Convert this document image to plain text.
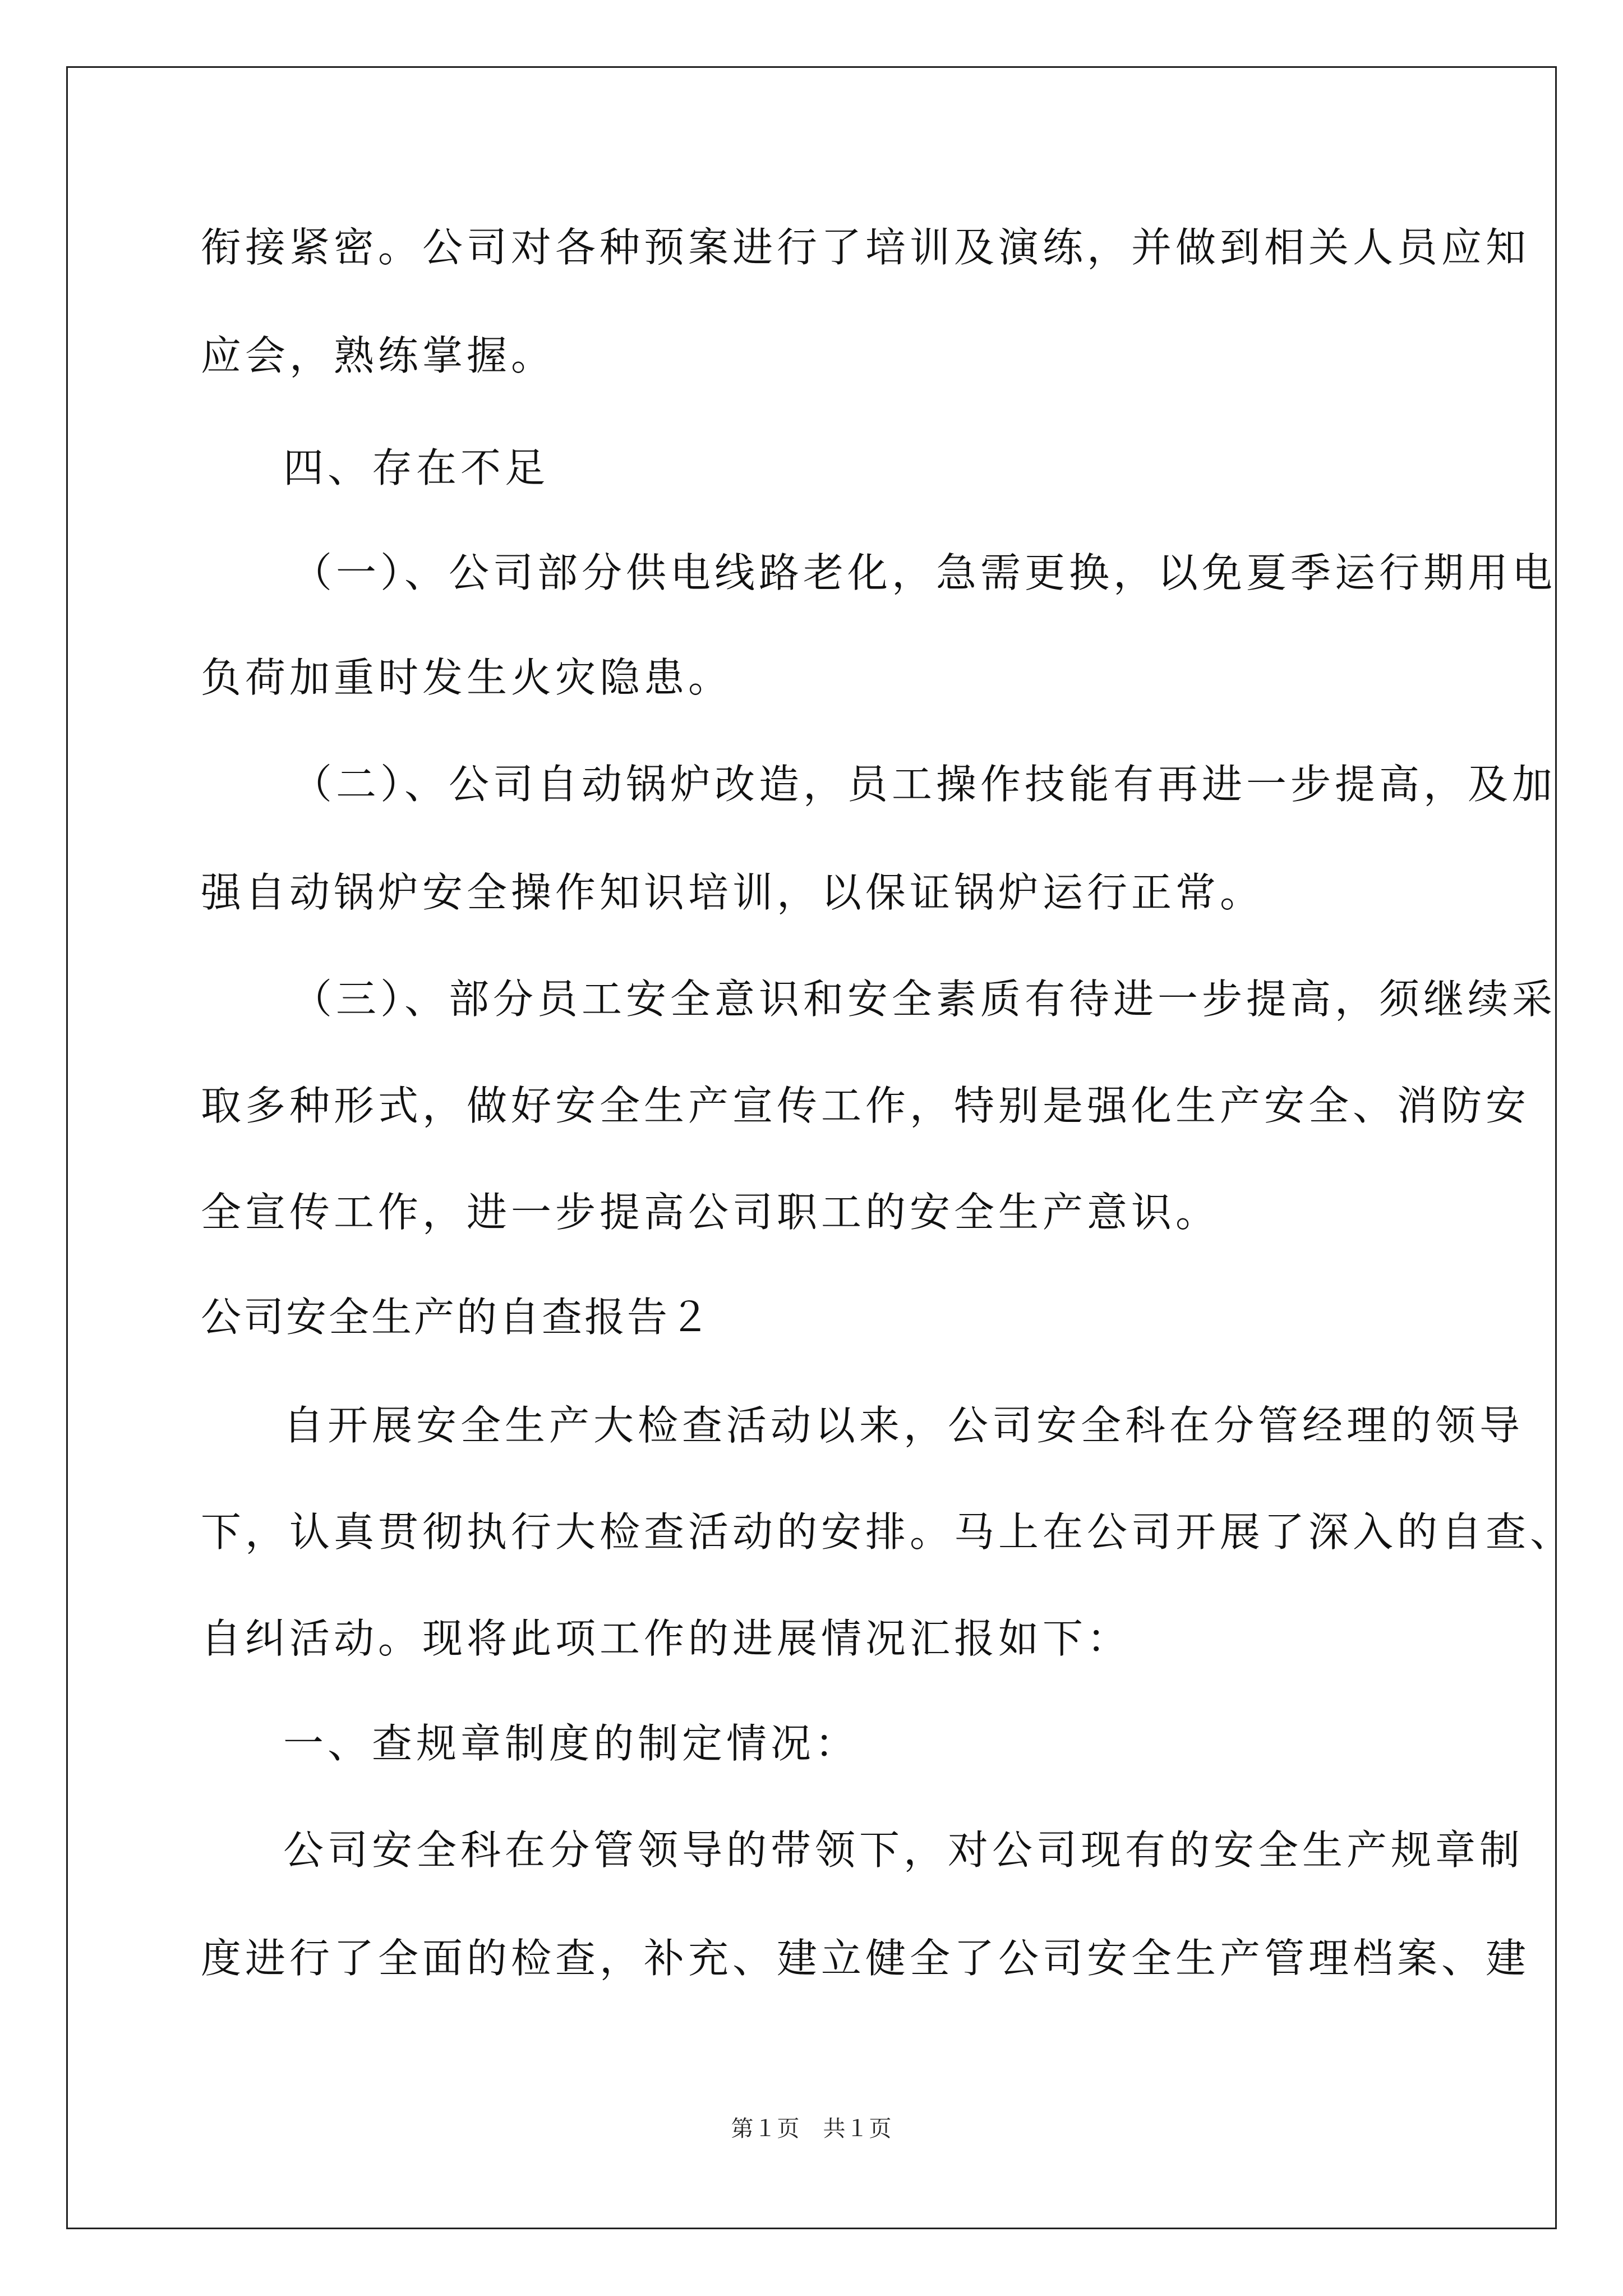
衔接紧密。公司对各种预案进行了培训及演练，并做到相关人员应知
应会，熟练掌握。
四、存在不足
（一）、公司部分供电线路老化，急需更换，以免夏季运行期用电
负荷加重时发生火灾隐患。
（二）、公司自动锅炉改造，员工操作技能有再进一步提高，及加
强自动锅炉安全操作知识培训，以保证锅炉运行正常。
（三）、部分员工安全意识和安全素质有待进一步提高，须继续采
取多种形式，做好安全生产宣传工作，特别是强化生产安全、消防安
全宣传工作，进一步提高公司职工的安全生产意识。
公司安全生产的自查报告２
自开展安全生产大检查活动以来，公司安全科在分管经理的领导
下，认真贯彻执行大检查活动的安排。马上在公司开展了深入的自查、
自纠活动。现将此项工作的进展情况汇报如下：
一、查规章制度的制定情况：
公司安全科在分管领导的带领下，对公司现有的安全生产规章制
度进行了全面的检查，补充、建立健全了公司安全生产管理档案、建
第１页　共１页
